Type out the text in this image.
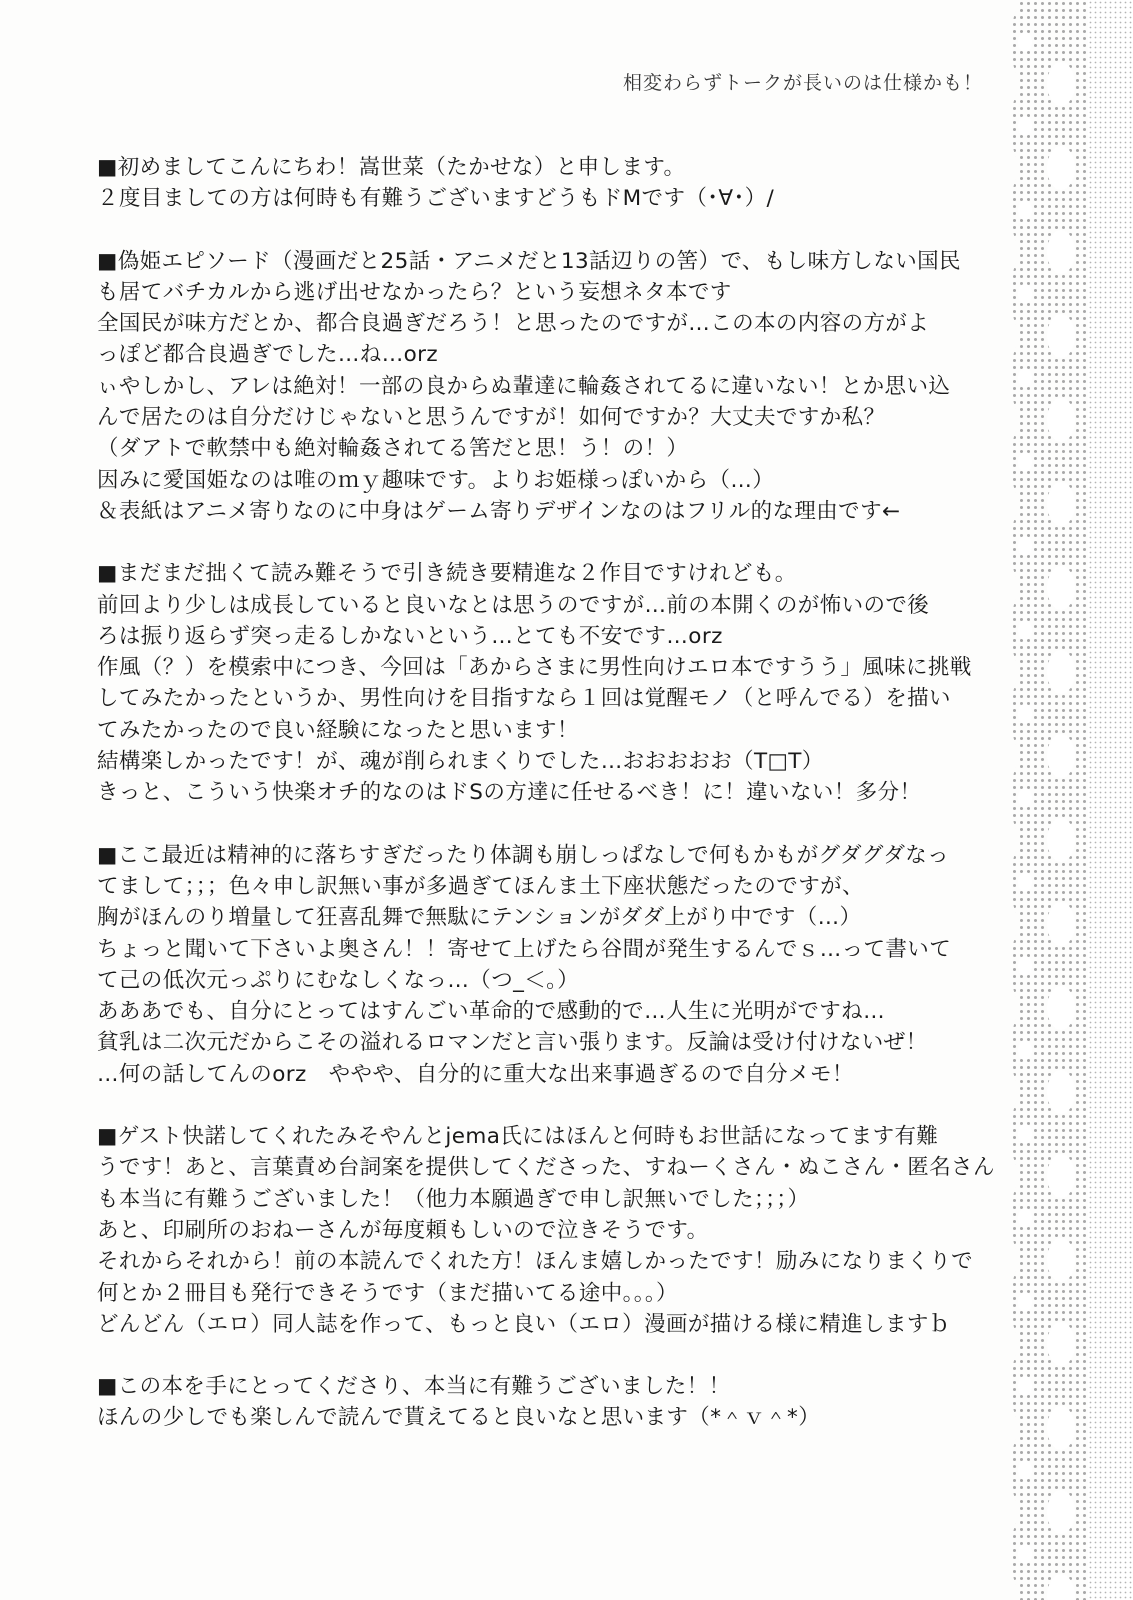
相変わらずトークが長いのは仕様かも！
■初めましてこんにちわ！嵩世菜（たかせな）と申します。
２度目ましての方は何時も有難うございますどうもドMです（･∀･）/
■偽姫エピソード（漫画だと25話・アニメだと13話辺りの筈）で、もし味方しない国民
も居てバチカルから逃げ出せなかったら？という妄想ネタ本です
全国民が味方だとか、都合良過ぎだろう！と思ったのですが…この本の内容の方がよ
っぽど都合良過ぎでした…ね…orz
ぃやしかし、アレは絶対！一部の良からぬ輩達に輪姦されてるに違いない！とか思い込
んで居たのは自分だけじゃないと思うんですが！如何ですか？大丈夫ですか私？
（ダアトで軟禁中も絶対輪姦されてる筈だと思！う！の！）
因みに愛国姫なのは唯のｍｙ趣味です。よりお姫様っぽいから（…）
＆表紙はアニメ寄りなのに中身はゲーム寄りデザインなのはフリル的な理由です←
■まだまだ拙くて読み難そうで引き続き要精進な２作目ですけれども。
前回より少しは成長していると良いなとは思うのですが…前の本開くのが怖いので後
ろは振り返らず突っ走るしかないという…とても不安です…orz
作風（？）を模索中につき、今回は「あからさまに男性向けエロ本ですうう」風味に挑戦
してみたかったというか、男性向けを目指すなら１回は覚醒モノ（と呼んでる）を描い
てみたかったので良い経験になったと思います！
結構楽しかったです！が、魂が削られまくりでした…おおおおお（T□T）
きっと、こういう快楽オチ的なのはドSの方達に任せるべき！に！違いない！多分！
■ここ最近は精神的に落ちすぎだったり体調も崩しっぱなしで何もかもがグダグダなっ
てまして；；；色々申し訳無い事が多過ぎてほんま土下座状態だったのですが、
胸がほんのり増量して狂喜乱舞で無駄にテンションがダダ上がり中です（…）
ちょっと聞いて下さいよ奥さん！！寄せて上げたら谷間が発生するんでｓ…って書いて
て己の低次元っぷりにむなしくなっ…（つ_＜。）
あああでも、自分にとってはすんごい革命的で感動的で…人生に光明がですね…
貧乳は二次元だからこその溢れるロマンだと言い張ります。反論は受け付けないぜ！
…何の話してんのorz　ややや、自分的に重大な出来事過ぎるので自分メモ！
■ゲスト快諾してくれたみそやんとjema氏にはほんと何時もお世話になってます有難
うです！あと、言葉責め台詞案を提供してくださった、すねーくさん・ぬこさん・匿名さん
も本当に有難うございました！（他力本願過ぎで申し訳無いでした；；；）
あと、印刷所のおねーさんが毎度頼もしいので泣きそうです。
それからそれから！前の本読んでくれた方！ほんま嬉しかったです！励みになりまくりで
何とか２冊目も発行できそうです（まだ描いてる途中。。。）
どんどん（エロ）同人誌を作って、もっと良い（エロ）漫画が描ける様に精進しますｂ
■この本を手にとってくださり、本当に有難うございました！！
ほんの少しでも楽しんで読んで貰えてると良いなと思います（*＾ｖ＾*）
